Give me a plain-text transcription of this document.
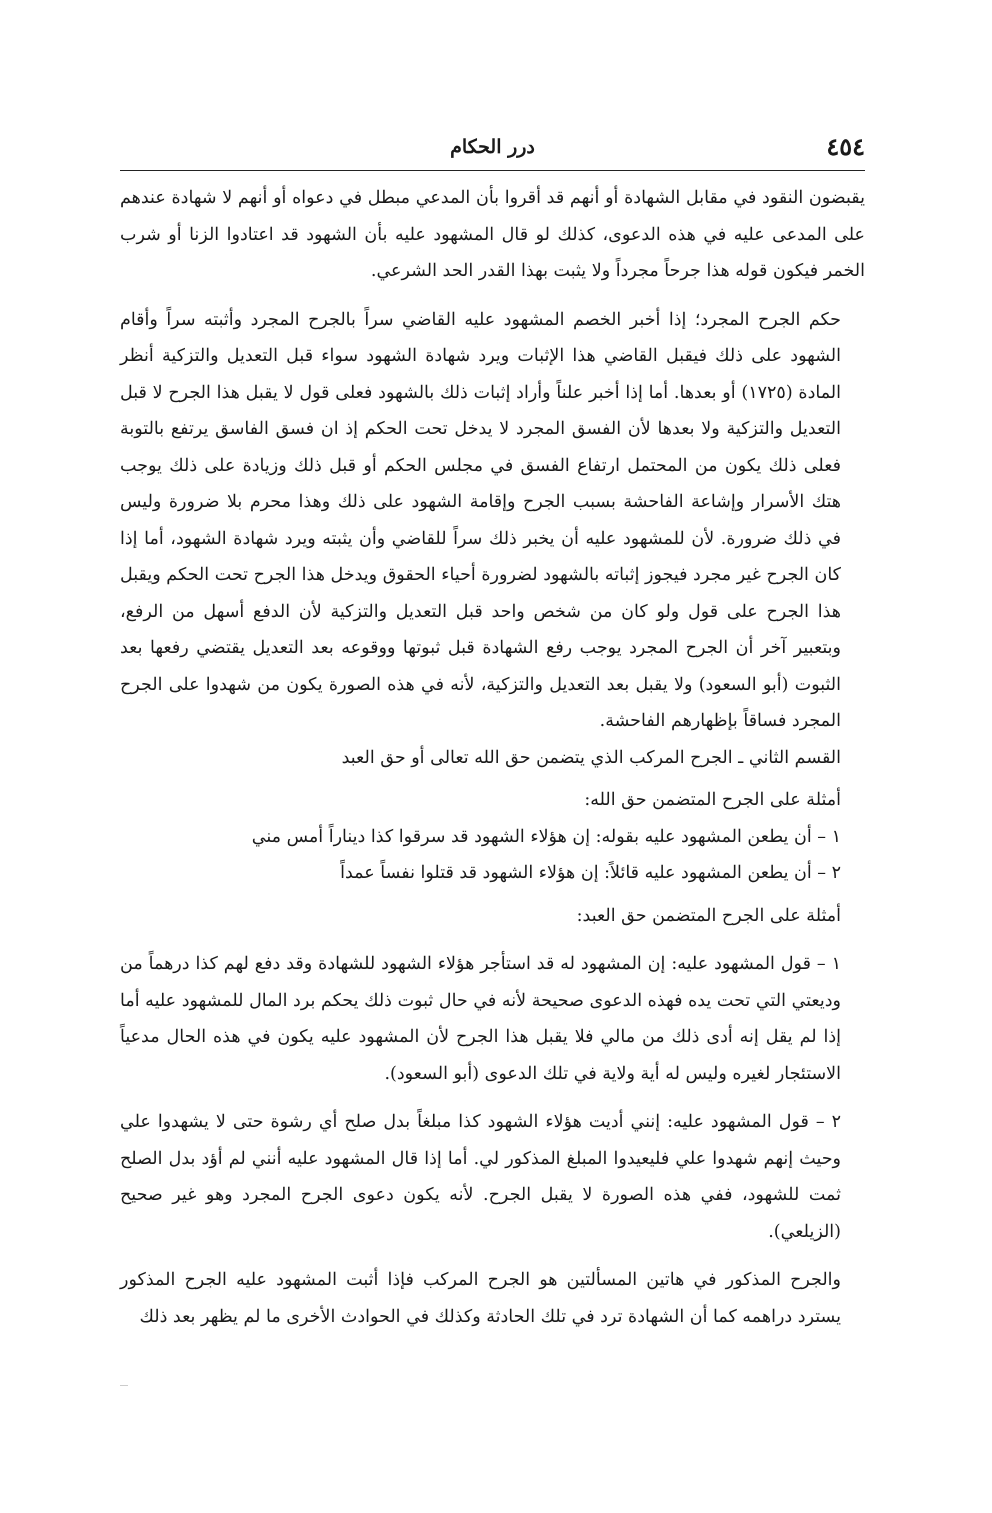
٤٥٤
درر الحكام

يقبضون النقود في مقابل الشهادة أو أنهم قد أقروا بأن المدعي مبطل في دعواه أو أنهم لا شهادة عندهم على المدعى عليه في هذه الدعوى، كذلك لو قال المشهود عليه بأن الشهود قد اعتادوا الزنا أو شرب الخمر فيكون قوله هذا جرحاً مجرداً ولا يثبت بهذا القدر الحد الشرعي.

حكم الجرح المجرد؛ إذا أخبر الخصم المشهود عليه القاضي سراً بالجرح المجرد وأثبته سراً وأقام الشهود على ذلك فيقبل القاضي هذا الإثبات ويرد شهادة الشهود سواء قبل التعديل والتزكية أنظر المادة (١٧٢٥) أو بعدها. أما إذا أخبر علناً وأراد إثبات ذلك بالشهود فعلى قول لا يقبل هذا الجرح لا قبل التعديل والتزكية ولا بعدها لأن الفسق المجرد لا يدخل تحت الحكم إذ ان فسق الفاسق يرتفع بالتوبة فعلى ذلك يكون من المحتمل ارتفاع الفسق في مجلس الحكم أو قبل ذلك وزيادة على ذلك يوجب هتك الأسرار وإشاعة الفاحشة بسبب الجرح وإقامة الشهود على ذلك وهذا محرم بلا ضرورة وليس في ذلك ضرورة. لأن للمشهود عليه أن يخبر ذلك سراً للقاضي وأن يثبته ويرد شهادة الشهود، أما إذا كان الجرح غير مجرد فيجوز إثباته بالشهود لضرورة أحياء الحقوق ويدخل هذا الجرح تحت الحكم ويقبل هذا الجرح على قول ولو كان من شخص واحد قبل التعديل والتزكية لأن الدفع أسهل من الرفع، وبتعبير آخر أن الجرح المجرد يوجب رفع الشهادة قبل ثبوتها ووقوعه بعد التعديل يقتضي رفعها بعد الثبوت (أبو السعود) ولا يقبل بعد التعديل والتزكية، لأنه في هذه الصورة يكون من شهدوا على الجرح المجرد فساقاً بإظهارهم الفاحشة.

القسم الثاني ـ الجرح المركب الذي يتضمن حق الله تعالى أو حق العبد

أمثلة على الجرح المتضمن حق الله:

١ – أن يطعن المشهود عليه بقوله: إن هؤلاء الشهود قد سرقوا كذا ديناراً أمس مني

٢ – أن يطعن المشهود عليه قائلاً: إن هؤلاء الشهود قد قتلوا نفساً عمداً

أمثلة على الجرح المتضمن حق العبد:

١ – قول المشهود عليه: إن المشهود له قد استأجر هؤلاء الشهود للشهادة وقد دفع لهم كذا درهماً من وديعتي التي تحت يده فهذه الدعوى صحيحة لأنه في حال ثبوت ذلك يحكم برد المال للمشهود عليه أما إذا لم يقل إنه أدى ذلك من مالي فلا يقبل هذا الجرح لأن المشهود عليه يكون في هذه الحال مدعياً الاستئجار لغيره وليس له أية ولاية في تلك الدعوى (أبو السعود).

٢ – قول المشهود عليه: إنني أديت هؤلاء الشهود كذا مبلغاً بدل صلح أي رشوة حتى لا يشهدوا علي وحيث إنهم شهدوا علي فليعيدوا المبلغ المذكور لي. أما إذا قال المشهود عليه أنني لم أؤد بدل الصلح ثمت للشهود، ففي هذه الصورة لا يقبل الجرح. لأنه يكون دعوى الجرح المجرد وهو غير صحيح (الزيلعي).

والجرح المذكور في هاتين المسألتين هو الجرح المركب فإذا أثبت المشهود عليه الجرح المذكور يسترد دراهمه كما أن الشهادة ترد في تلك الحادثة وكذلك في الحوادث الأخرى ما لم يظهر بعد ذلك
